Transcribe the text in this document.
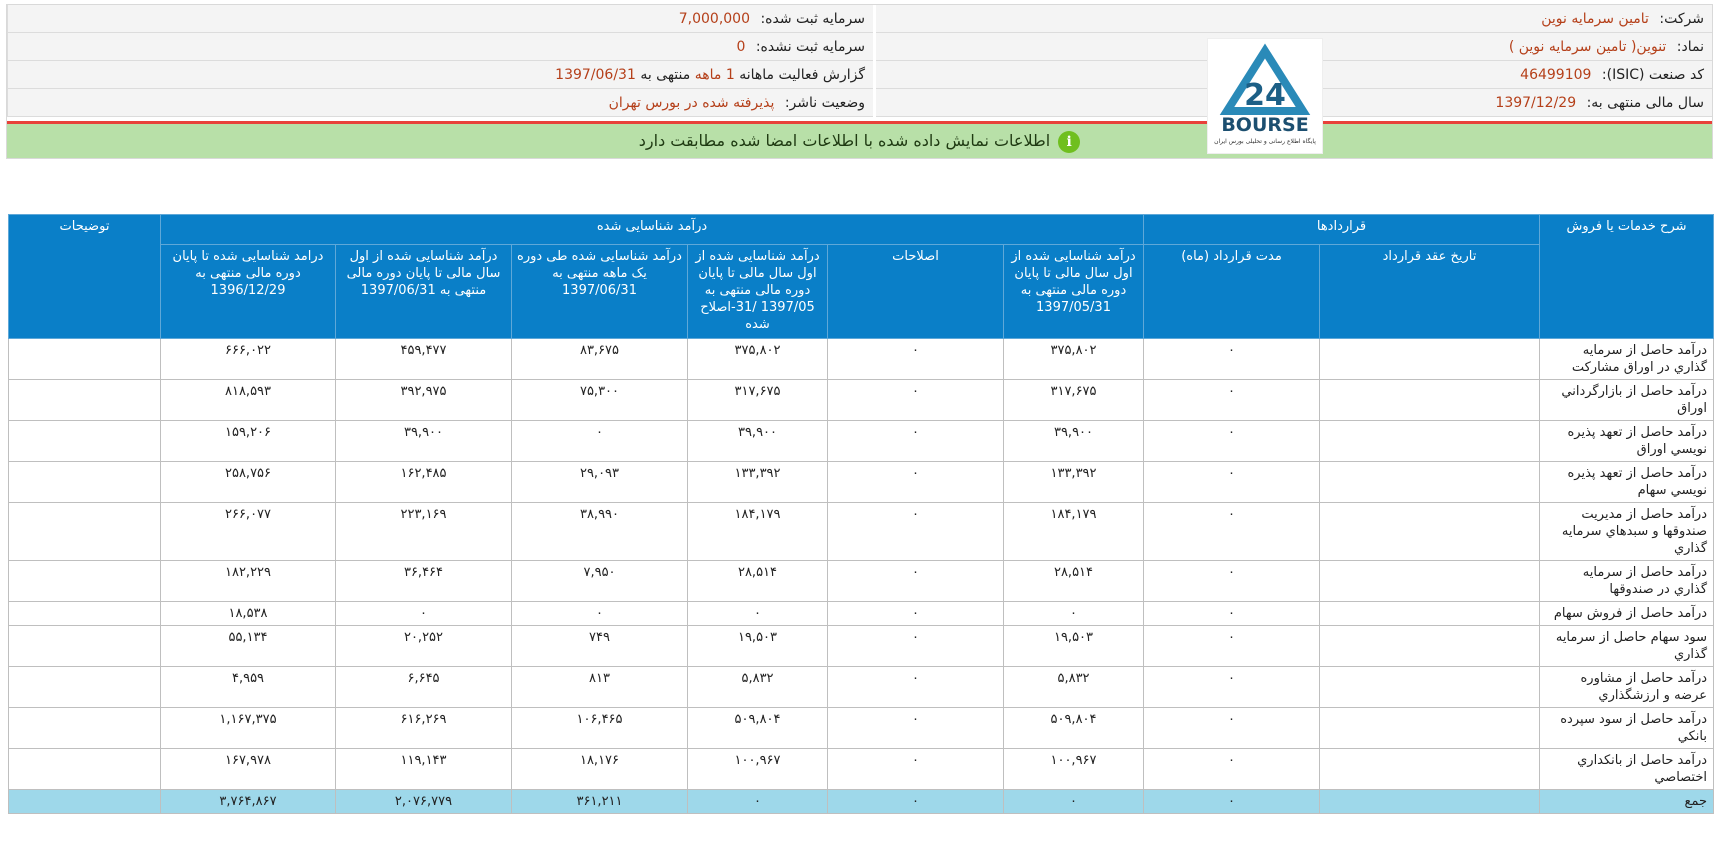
شرکت: تامین سرمایه نوین
نماد: تنوین( تامین سرمایه نوین )
کد صنعت (ISIC): 46499109
سال مالی منتهی به: 1397/12/29
سرمایه ثبت شده: 7,000,000
سرمایه ثبت نشده: 0
گزارش فعالیت ماهانه 1 ماهه منتهی به 1397/06/31
وضعیت ناشر: پذیرفته شده در بورس تهران
iاطلاعات نمایش داده شده با اطلاعات امضا شده مطابقت دارد
24
BOURSE
پایگاه اطلاع رسانی و تحلیلی بورس ایران
شرح خدمات یا فروش	قراردادها		درآمد شناسایی شده						توضیحات
	تاریخ عقد قرارداد	مدت قرارداد (ماه)	درآمد شناسایی شده از اول سال مالی تا پایان دوره مالی منتهی به 1397/05/31	اصلاحات	درآمد شناسایی شده از اول سال مالی تا پایان دوره مالی منتهی به 1397/05 /31-اصلاح شده	درآمد شناسایی شده طی دوره یک ماهه منتهی به 1397/06/31	درآمد شناسایی شده از اول سال مالی تا پایان دوره مالی منتهی به 1397/06/31	درامد شناسایی شده تا پایان دوره مالی منتهی به 1396/12/29	
درآمد حاصل از سرمايه گذاري در اوراق مشارکت		۰	۳۷۵,۸۰۲	۰	۳۷۵,۸۰۲	۸۳,۶۷۵	۴۵۹,۴۷۷	۶۶۶,۰۲۲	
درآمد حاصل از بازارگرداني اوراق		۰	۳۱۷,۶۷۵	۰	۳۱۷,۶۷۵	۷۵,۳۰۰	۳۹۲,۹۷۵	۸۱۸,۵۹۳	
درآمد حاصل از تعهد پذيره نويسي اوراق		۰	۳۹,۹۰۰	۰	۳۹,۹۰۰	۰	۳۹,۹۰۰	۱۵۹,۲۰۶	
درآمد حاصل از تعهد پذيره نويسي سهام		۰	۱۳۳,۳۹۲	۰	۱۳۳,۳۹۲	۲۹,۰۹۳	۱۶۲,۴۸۵	۲۵۸,۷۵۶	
درآمد حاصل از مديريت صندوقها و سبدهاي سرمايه گذاري		۰	۱۸۴,۱۷۹	۰	۱۸۴,۱۷۹	۳۸,۹۹۰	۲۲۳,۱۶۹	۲۶۶,۰۷۷	
درآمد حاصل از سرمايه گذاري در صندوقها		۰	۲۸,۵۱۴	۰	۲۸,۵۱۴	۷,۹۵۰	۳۶,۴۶۴	۱۸۲,۲۲۹	
درآمد حاصل از فروش سهام		۰	۰	۰	۰	۰	۰	۱۸,۵۳۸	
سود سهام حاصل از سرمايه گذاري		۰	۱۹,۵۰۳	۰	۱۹,۵۰۳	۷۴۹	۲۰,۲۵۲	۵۵,۱۳۴	
درآمد حاصل از مشاوره عرضه و ارزشگذاري		۰	۵,۸۳۲	۰	۵,۸۳۲	۸۱۳	۶,۶۴۵	۴,۹۵۹	
درآمد حاصل از سود سپرده بانکي		۰	۵۰۹,۸۰۴	۰	۵۰۹,۸۰۴	۱۰۶,۴۶۵	۶۱۶,۲۶۹	۱,۱۶۷,۳۷۵	
درآمد حاصل از بانکداري اختصاصي		۰	۱۰۰,۹۶۷	۰	۱۰۰,۹۶۷	۱۸,۱۷۶	۱۱۹,۱۴۳	۱۶۷,۹۷۸	
جمع		۰	۰	۰	۰	۳۶۱,۲۱۱	۲,۰۷۶,۷۷۹	۳,۷۶۴,۸۶۷	
